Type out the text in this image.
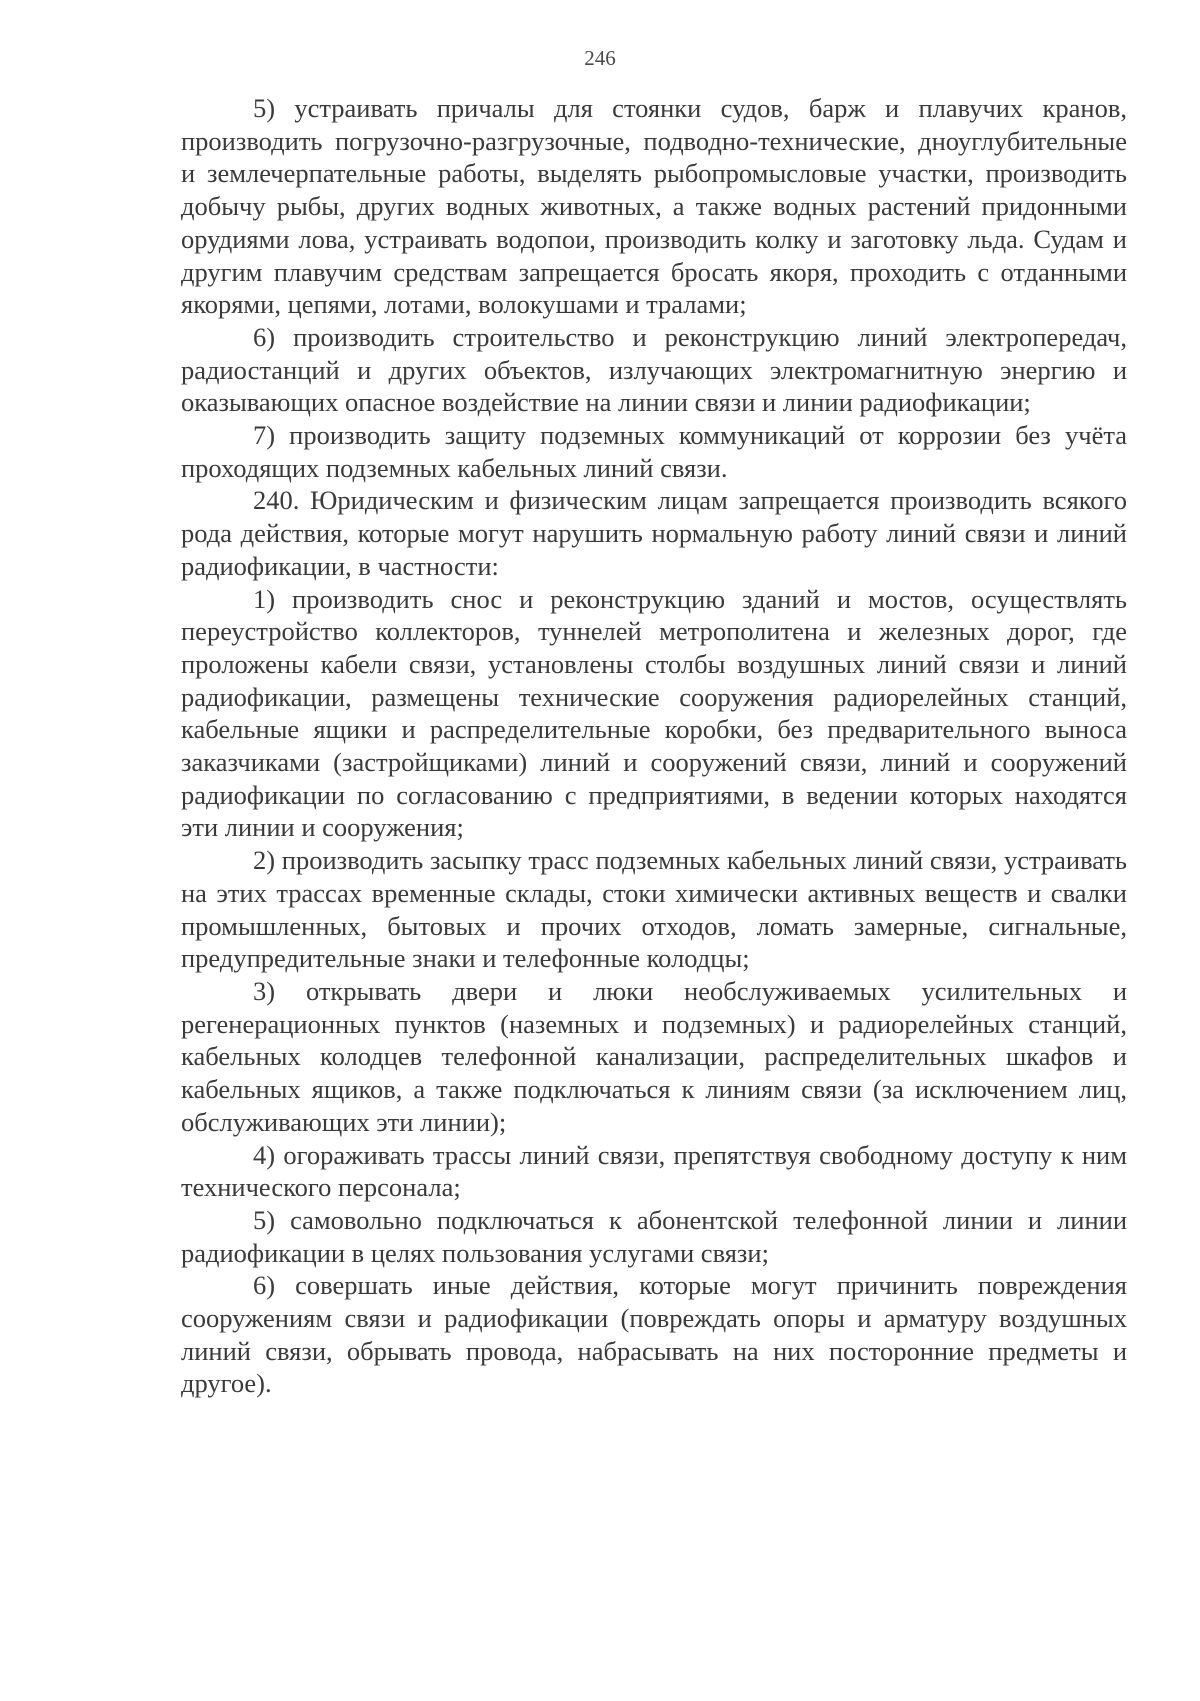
246

5) устраивать причалы для стоянки судов, барж и плавучих кранов, производить погрузочно-разгрузочные, подводно-технические, дноуглубительные и землечерпательные работы, выделять рыбопромысловые участки, производить добычу рыбы, других водных животных, а также водных растений придонными орудиями лова, устраивать водопои, производить колку и заготовку льда. Судам и другим плавучим средствам запрещается бросать якоря, проходить с отданными якорями, цепями, лотами, волокушами и тралами;

6) производить строительство и реконструкцию линий электропередач, радиостанций и других объектов, излучающих электромагнитную энергию и оказывающих опасное воздействие на линии связи и линии радиофикации;

7) производить защиту подземных коммуникаций от коррозии без учёта проходящих подземных кабельных линий связи.

240. Юридическим и физическим лицам запрещается производить всякого рода действия, которые могут нарушить нормальную работу линий связи и линий радиофикации, в частности:

1) производить снос и реконструкцию зданий и мостов, осуществлять переустройство коллекторов, туннелей метрополитена и железных дорог, где проложены кабели связи, установлены столбы воздушных линий связи и линий радиофикации, размещены технические сооружения радиорелейных станций, кабельные ящики и распределительные коробки, без предварительного выноса заказчиками (застройщиками) линий и сооружений связи, линий и сооружений радиофикации по согласованию с предприятиями, в ведении которых находятся эти линии и сооружения;

2) производить засыпку трасс подземных кабельных линий связи, устраивать на этих трассах временные склады, стоки химически активных веществ и свалки промышленных, бытовых и прочих отходов, ломать замерные, сигнальные, предупредительные знаки и телефонные колодцы;

3) открывать двери и люки необслуживаемых усилительных и регенерационных пунктов (наземных и подземных) и радиорелейных станций, кабельных колодцев телефонной канализации, распределительных шкафов и кабельных ящиков, а также подключаться к линиям связи (за исключением лиц, обслуживающих эти линии);

4) огораживать трассы линий связи, препятствуя свободному доступу к ним технического персонала;

5) самовольно подключаться к абонентской телефонной линии и линии радиофикации в целях пользования услугами связи;

6) совершать иные действия, которые могут причинить повреждения сооружениям связи и радиофикации (повреждать опоры и арматуру воздушных линий связи, обрывать провода, набрасывать на них посторонние предметы и другое).
